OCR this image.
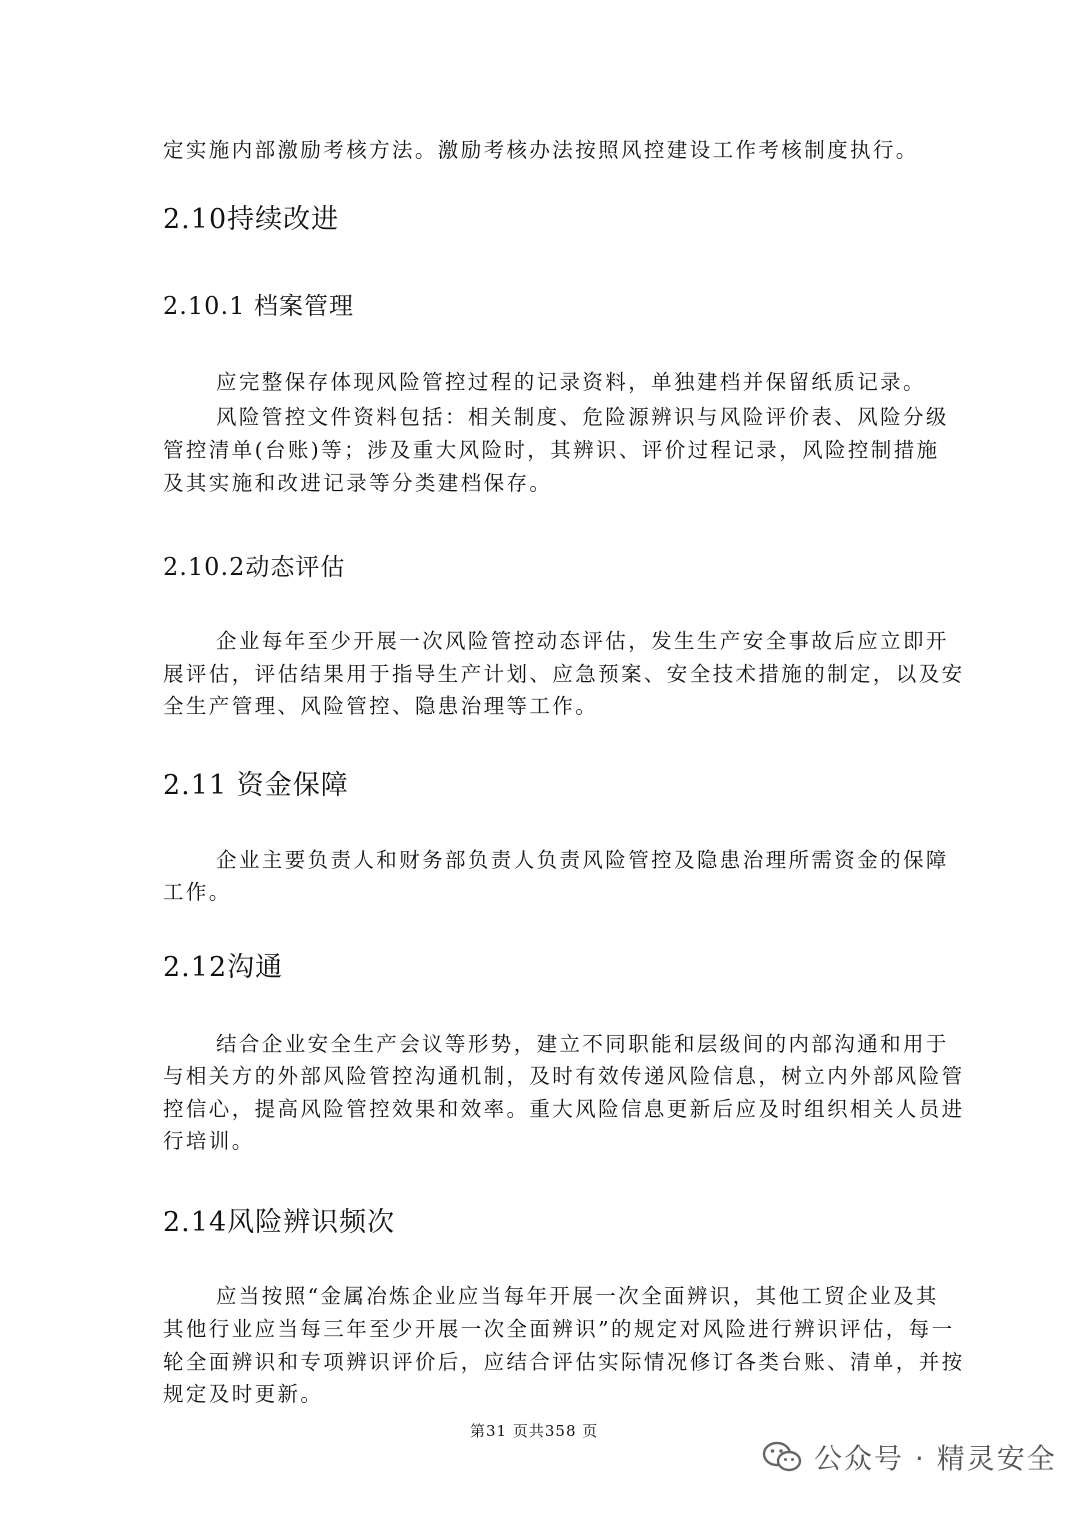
定实施内部激励考核方法。激励考核办法按照风控建设工作考核制度执行。
2.10持续改进
2.10.1 档案管理
应完整保存体现风险管控过程的记录资料，单独建档并保留纸质记录。
风险管控文件资料包括：相关制度、危险源辨识与风险评价表、风险分级
管控清单(台账)等；涉及重大风险时，其辨识、评价过程记录，风险控制措施
及其实施和改进记录等分类建档保存。
2.10.2动态评估
企业每年至少开展一次风险管控动态评估，发生生产安全事故后应立即开
展评估，评估结果用于指导生产计划、应急预案、安全技术措施的制定，以及安
全生产管理、风险管控、隐患治理等工作。
2.11 资金保障
企业主要负责人和财务部负责人负责风险管控及隐患治理所需资金的保障
工作。
2.12沟通
结合企业安全生产会议等形势，建立不同职能和层级间的内部沟通和用于
与相关方的外部风险管控沟通机制，及时有效传递风险信息，树立内外部风险管
控信心，提高风险管控效果和效率。重大风险信息更新后应及时组织相关人员进
行培训。
2.14风险辨识频次
应当按照“金属冶炼企业应当每年开展一次全面辨识，其他工贸企业及其
其他行业应当每三年至少开展一次全面辨识”的规定对风险进行辨识评估，每一
轮全面辨识和专项辨识评价后，应结合评估实际情况修订各类台账、清单，并按
规定及时更新。
第31 页共358 页
公众号 · 精灵安全
